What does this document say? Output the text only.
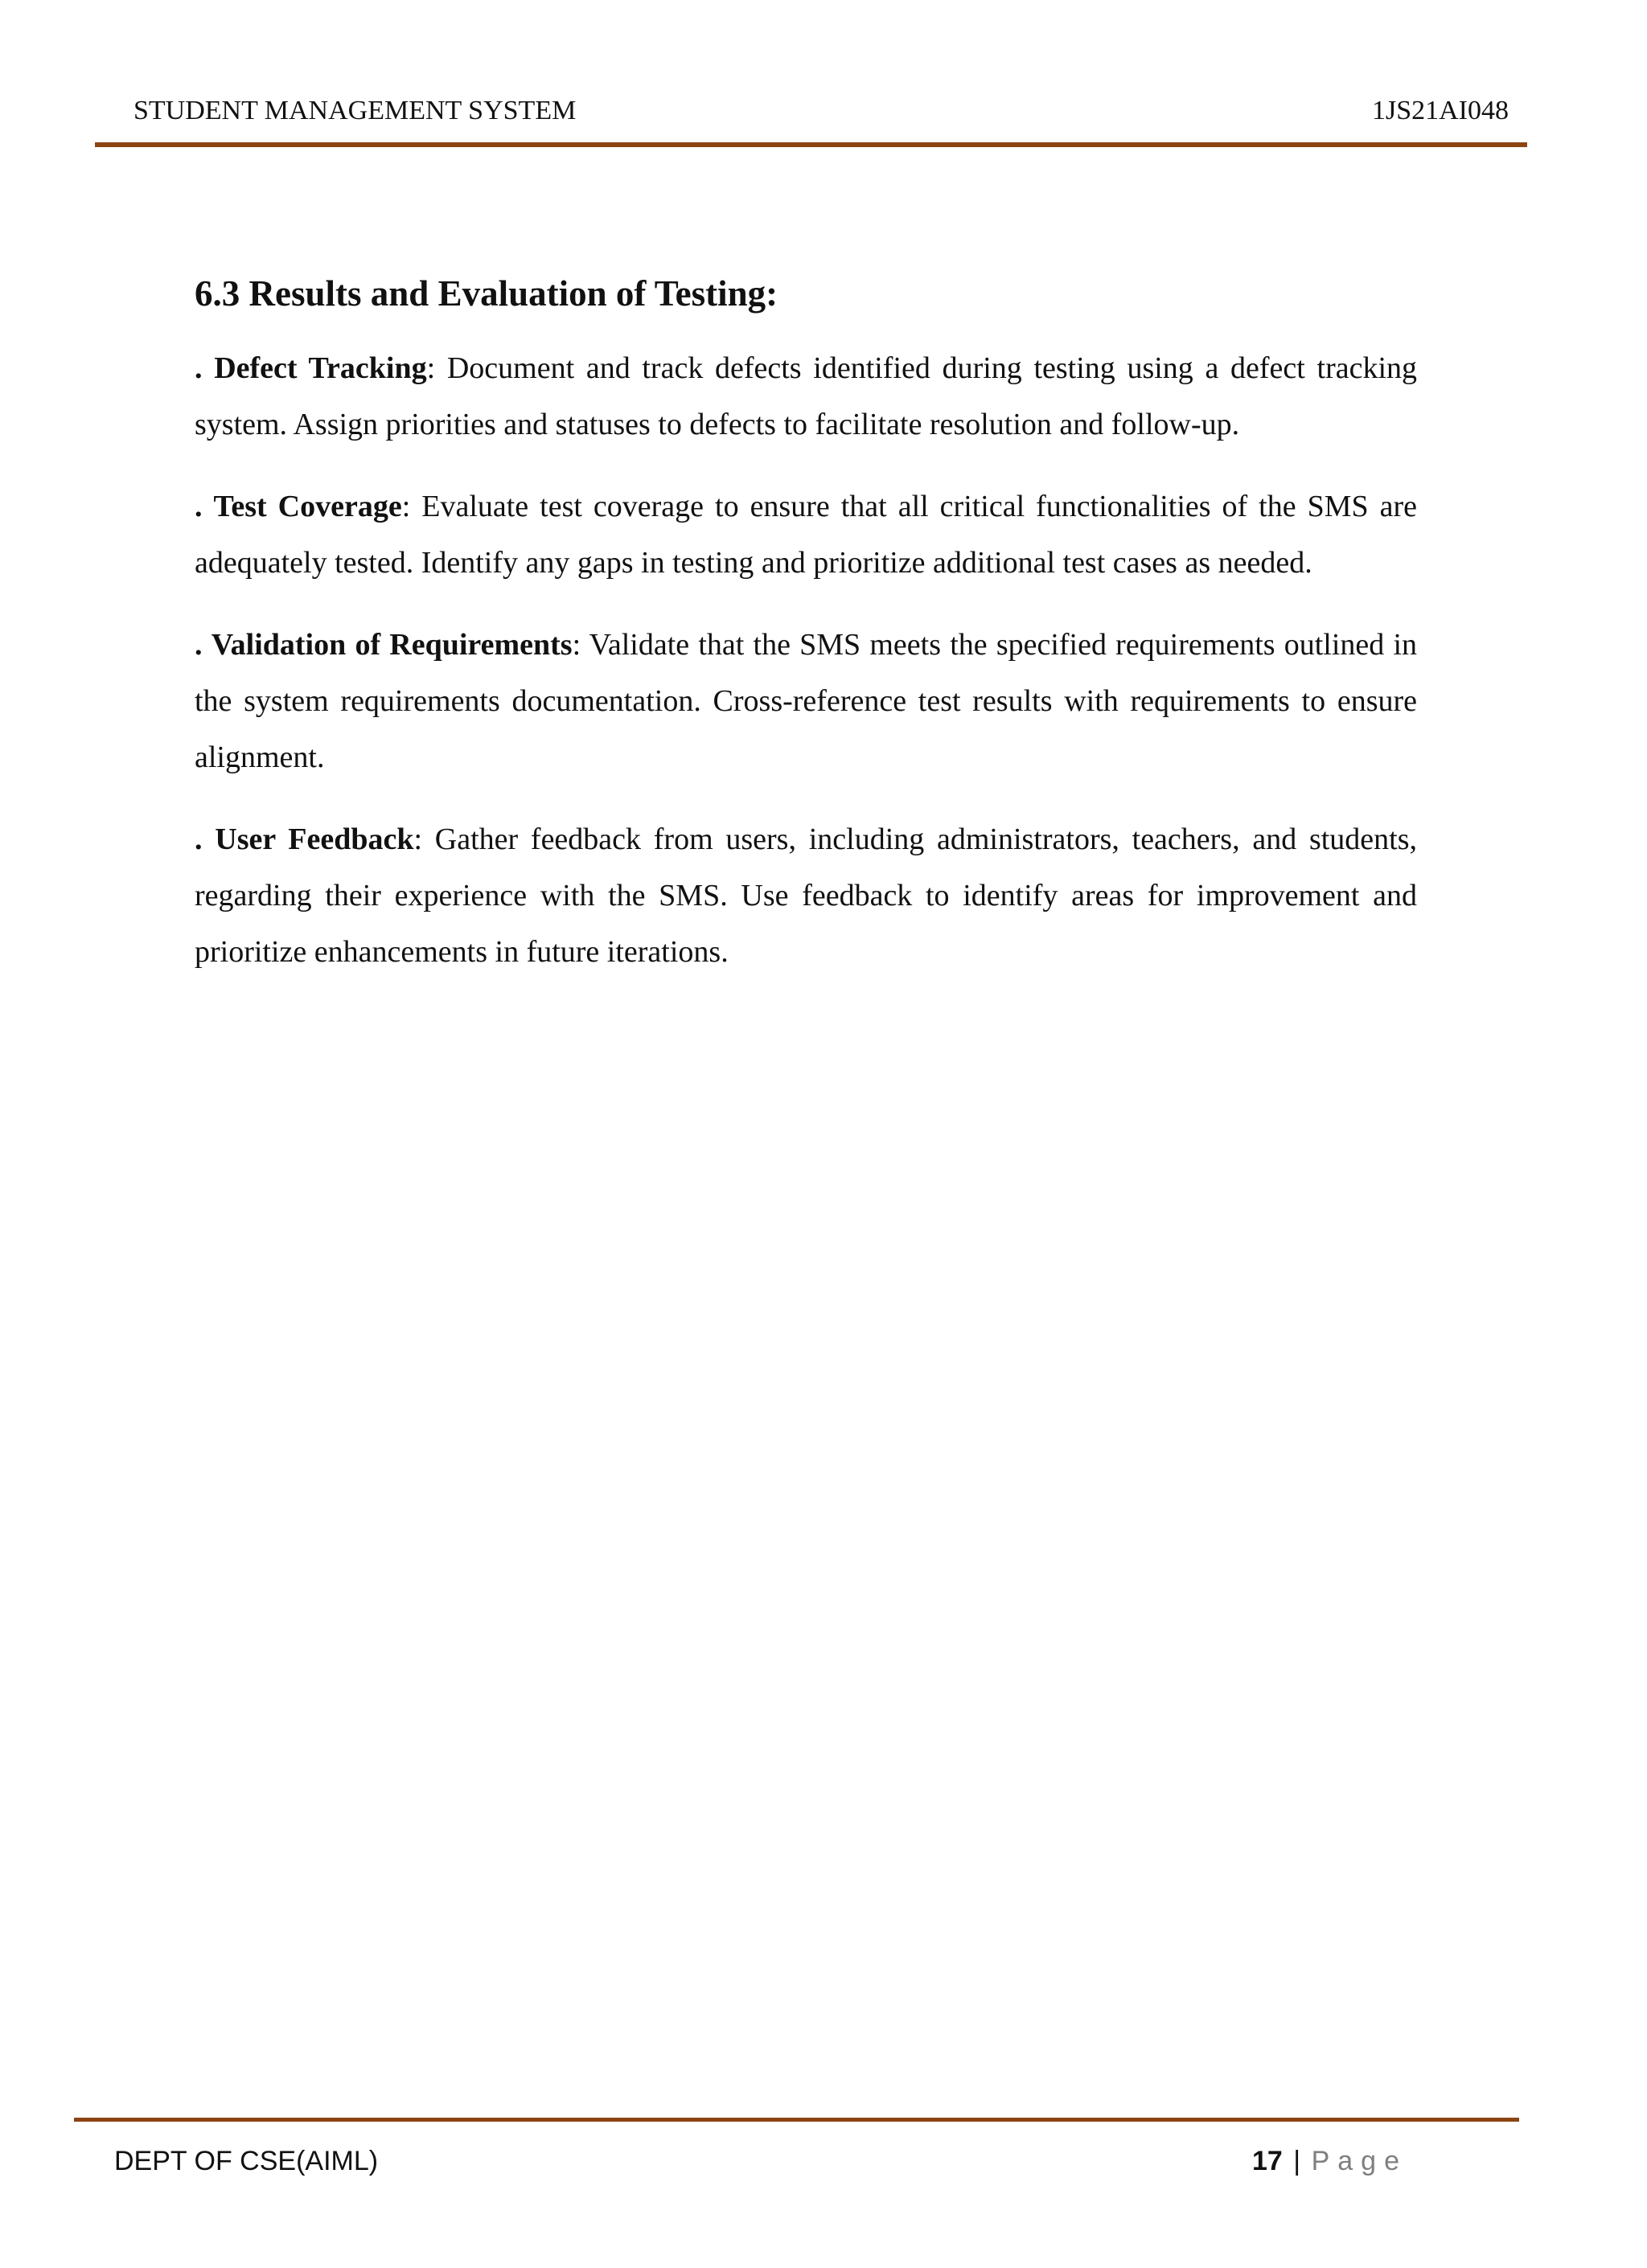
STUDENT MANAGEMENT SYSTEM	1JS21AI048
6.3 Results and Evaluation of Testing:

. Defect Tracking: Document and track defects identified during testing using a defect tracking system. Assign priorities and statuses to defects to facilitate resolution and follow-up.

. Test Coverage: Evaluate test coverage to ensure that all critical functionalities of the SMS are adequately tested. Identify any gaps in testing and prioritize additional test cases as needed.

. Validation of Requirements: Validate that the SMS meets the specified requirements outlined in the system requirements documentation. Cross-reference test results with requirements to ensure alignment.

. User Feedback: Gather feedback from users, including administrators, teachers, and students, regarding their experience with the SMS. Use feedback to identify areas for improvement and prioritize enhancements in future iterations.

DEPT OF CSE(AIML)	17 | Page
